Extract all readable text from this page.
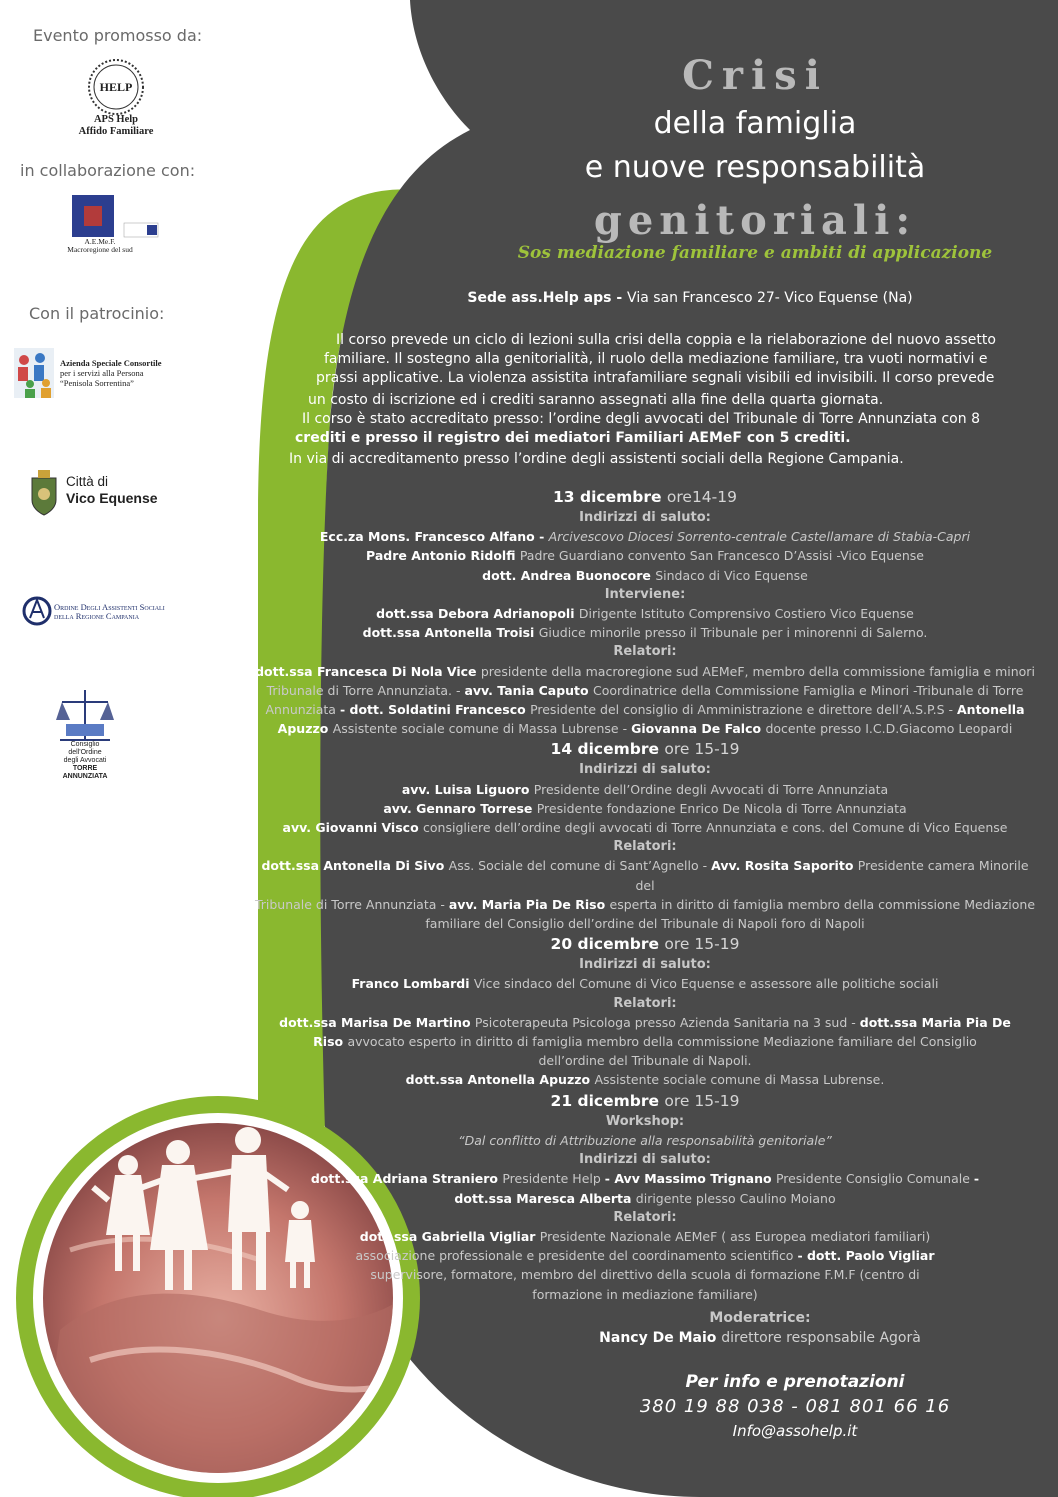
Evento promosso da:
HELP
APS Help
Affido Familiare
in collaborazione con:
A.E.Me.F.
Macroregione del sud
Con il patrocinio:
Azienda Speciale Consortile
per i servizi alla Persona
“Penisola Sorrentina”
Città di
Vico Equense
Ordine Degli Assistenti Sociali
della Regione Campania
Consiglio dell'Ordine
degli Avvocati
TORRE ANNUNZIATA
Crisi
della famiglia
e nuove responsabilità
genitoriali:
Sos mediazione familiare e ambiti di applicazione
Sede ass.Help aps - Via san Francesco 27- Vico Equense (Na)
Il corso prevede un ciclo di lezioni sulla crisi della coppia e la rielaborazione del nuovo assetto
familiare. Il sostegno alla genitorialità, il ruolo della mediazione familiare, tra vuoti normativi e
prassi applicative. La violenza assistita intrafamiliare segnali visibili ed invisibili. Il corso prevede
un costo di iscrizione ed i crediti saranno assegnati alla fine della quarta giornata.
Il corso è stato accreditato presso: l’ordine degli avvocati del Tribunale di Torre Annunziata con 8
crediti e presso il registro dei mediatori Familiari AEMeF con 5 crediti.
In via di accreditamento presso l’ordine degli assistenti sociali della Regione Campania.
13 dicembre ore14-19
Indirizzi di saluto:
Ecc.za Mons. Francesco Alfano - Arcivescovo Diocesi Sorrento-centrale Castellamare di Stabia-Capri
Padre Antonio Ridolfi Padre Guardiano convento San Francesco D’Assisi -Vico Equense
dott. Andrea Buonocore Sindaco di Vico Equense
Interviene:
dott.ssa Debora Adrianopoli Dirigente Istituto Comprensivo Costiero Vico Equense
dott.ssa Antonella Troisi Giudice minorile presso il Tribunale per i minorenni di Salerno.
Relatori:
dott.ssa Francesca Di Nola Vice presidente della macroregione sud AEMeF, membro della commissione famiglia e minori
Tribunale di Torre Annunziata. - avv. Tania Caputo Coordinatrice della Commissione Famiglia e Minori -Tribunale di Torre
Annunziata - dott. Soldatini Francesco Presidente del consiglio di Amministrazione e direttore dell’A.S.P.S - Antonella
Apuzzo Assistente sociale comune di Massa Lubrense - Giovanna De Falco docente presso I.C.D.Giacomo Leopardi
14 dicembre ore 15-19
Indirizzi di saluto:
avv. Luisa Liguoro Presidente dell’Ordine degli Avvocati di Torre Annunziata
avv. Gennaro Torrese Presidente fondazione Enrico De Nicola di Torre Annunziata
avv. Giovanni Visco consigliere dell’ordine degli avvocati di Torre Annunziata e cons. del Comune di Vico Equense
Relatori:
dott.ssa Antonella Di Sivo Ass. Sociale del comune di Sant’Agnello - Avv. Rosita Saporito Presidente camera Minorile del
Tribunale di Torre Annunziata - avv. Maria Pia De Riso esperta in diritto di famiglia membro della commissione Mediazione
familiare del Consiglio dell’ordine del Tribunale di Napoli foro di Napoli
20 dicembre ore 15-19
Indirizzi di saluto:
Franco Lombardi Vice sindaco del Comune di Vico Equense e assessore alle politiche sociali
Relatori:
dott.ssa Marisa De Martino Psicoterapeuta Psicologa presso Azienda Sanitaria na 3 sud - dott.ssa Maria Pia De
Riso avvocato esperto in diritto di famiglia membro della commissione Mediazione familiare del Consiglio
dell’ordine del Tribunale di Napoli.
dott.ssa Antonella Apuzzo Assistente sociale comune di Massa Lubrense.
21 dicembre ore 15-19
Workshop:
“Dal conflitto di Attribuzione alla responsabilità genitoriale”
Indirizzi di saluto:
dott.ssa Adriana Straniero Presidente Help - Avv Massimo Trignano Presidente Consiglio Comunale -
dott.ssa Maresca Alberta dirigente plesso Caulino Moiano
Relatori:
dott.ssa Gabriella Vigliar Presidente Nazionale AEMeF ( ass Europea mediatori familiari)
associazione professionale e presidente del coordinamento scientifico - dott. Paolo Vigliar
supervisore, formatore, membro del direttivo della scuola di formazione F.M.F (centro di
formazione in mediazione familiare)
Moderatrice:
Nancy De Maio direttore responsabile Agorà
Per info e prenotazioni
380 19 88 038 - 081 801 66 16
Info@assohelp.it
